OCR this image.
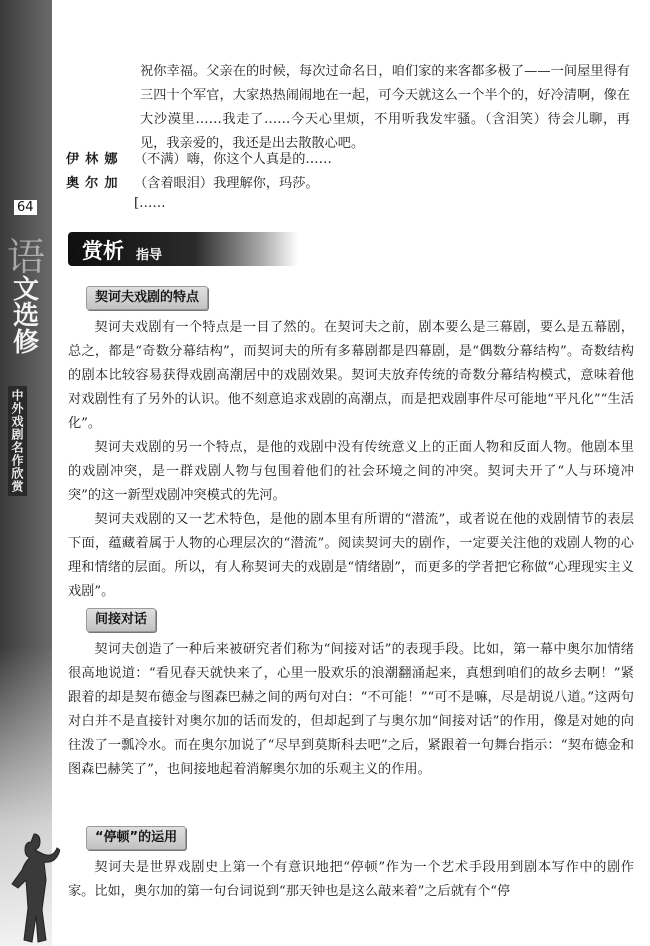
64
语
文
选
修
中外戏剧名作欣赏

祝你幸福。父亲在的时候，每次过命名日，咱们家的来客都多极了——一间屋里得有三四十个军官，大家热热闹闹地在一起，可今天就这么一个半个的，好冷清啊，像在大沙漠里……我走了……今天心里烦，不用听我发牢骚。（含泪笑）待会儿聊，再见，我亲爱的，我还是出去散散心吧。

伊林娜 （不满）嗨，你这个人真是的……
奥尔加 （含着眼泪）我理解你，玛莎。
[……
赏析 指导
契诃夫戏剧的特点

契诃夫戏剧有一个特点是一目了然的。在契诃夫之前，剧本要么是三幕剧，要么是五幕剧，总之，都是“奇数分幕结构”，而契诃夫的所有多幕剧都是四幕剧，是“偶数分幕结构”。奇数结构的剧本比较容易获得戏剧高潮居中的戏剧效果。契诃夫放弃传统的奇数分幕结构模式，意味着他对戏剧性有了另外的认识。他不刻意追求戏剧的高潮点，而是把戏剧事件尽可能地“平凡化”“生活化”。

契诃夫戏剧的另一个特点，是他的戏剧中没有传统意义上的正面人物和反面人物。他剧本里的戏剧冲突，是一群戏剧人物与包围着他们的社会环境之间的冲突。契诃夫开了“人与环境冲突”的这一新型戏剧冲突模式的先河。

契诃夫戏剧的又一艺术特色，是他的剧本里有所谓的“潜流”，或者说在他的戏剧情节的表层下面，蕴藏着属于人物的心理层次的“潜流”。阅读契诃夫的剧作，一定要关注他的戏剧人物的心理和情绪的层面。所以，有人称契诃夫的戏剧是“情绪剧”，而更多的学者把它称做“心理现实主义戏剧”。

间接对话

契诃夫创造了一种后来被研究者们称为“间接对话”的表现手段。比如，第一幕中奥尔加情绪很高地说道：“看见春天就快来了，心里一股欢乐的浪潮翻涌起来，真想到咱们的故乡去啊！”紧跟着的却是契布德金与图森巴赫之间的两句对白：“不可能！”“可不是嘛，尽是胡说八道。”这两句对白并不是直接针对奥尔加的话而发的，但却起到了与奥尔加“间接对话”的作用，像是对她的向往泼了一瓢冷水。而在奥尔加说了“尽早到莫斯科去吧”之后，紧跟着一句舞台指示：“契布德金和图森巴赫笑了”，也间接地起着消解奥尔加的乐观主义的作用。

“停顿”的运用

契诃夫是世界戏剧史上第一个有意识地把“停顿”作为一个艺术手段用到剧本写作中的剧作家。比如，奥尔加的第一句台词说到“那天钟也是这么敲来着”之后就有个“停
